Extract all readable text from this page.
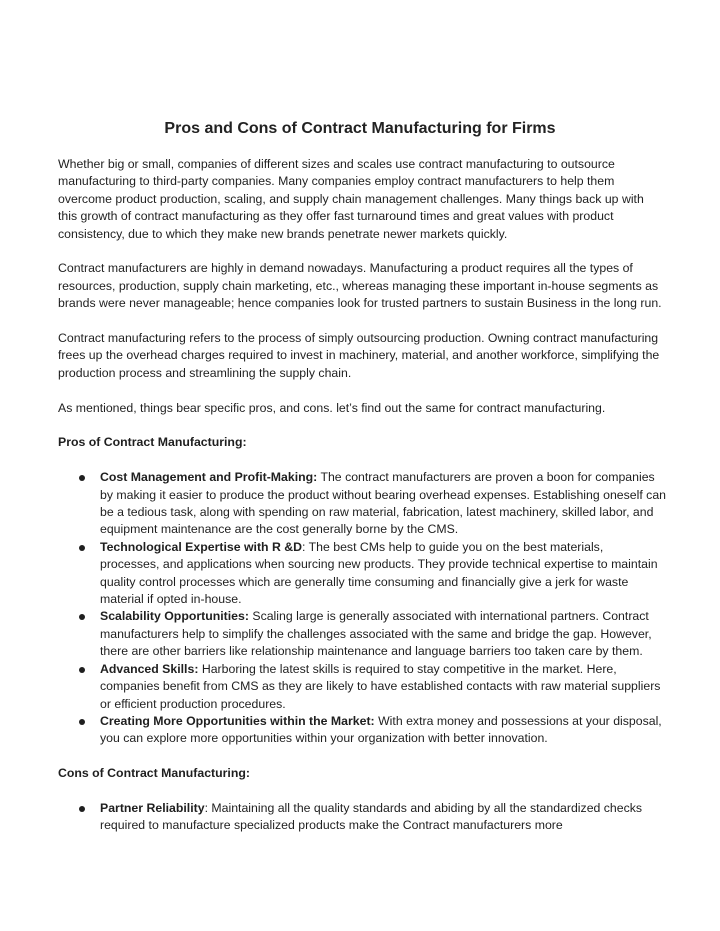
Pros and Cons of Contract Manufacturing for Firms

Whether big or small, companies of different sizes and scales use contract manufacturing to outsource manufacturing to third-party companies. Many companies employ contract manufacturers to help them overcome product production, scaling, and supply chain management challenges. Many things back up with this growth of contract manufacturing as they offer fast turnaround times and great values with product consistency, due to which they make new brands penetrate newer markets quickly.

Contract manufacturers are highly in demand nowadays. Manufacturing a product requires all the types of resources, production, supply chain marketing, etc., whereas managing these important in-house segments as brands were never manageable; hence companies look for trusted partners to sustain Business in the long run.

Contract manufacturing refers to the process of simply outsourcing production. Owning contract manufacturing frees up the overhead charges required to invest in machinery, material, and another workforce, simplifying the production process and streamlining the supply chain.

As mentioned, things bear specific pros, and cons. let’s find out the same for contract manufacturing.

Pros of Contract Manufacturing:
Cost Management and Profit-Making: The contract manufacturers are proven a boon for companies by making it easier to produce the product without bearing overhead expenses. Establishing oneself can be a tedious task, along with spending on raw material, fabrication, latest machinery, skilled labor, and equipment maintenance are the cost generally borne by the CMS.
Technological Expertise with R &D: The best CMs help to guide you on the best materials, processes, and applications when sourcing new products. They provide technical expertise to maintain quality control processes which are generally time consuming and financially give a jerk for waste material if opted in-house.
Scalability Opportunities: Scaling large is generally associated with international partners. Contract manufacturers help to simplify the challenges associated with the same and bridge the gap. However, there are other barriers like relationship maintenance and language barriers too taken care by them.
Advanced Skills: Harboring the latest skills is required to stay competitive in the market. Here, companies benefit from CMS as they are likely to have established contacts with raw material suppliers or efficient production procedures.
Creating More Opportunities within the Market: With extra money and possessions at your disposal, you can explore more opportunities within your organization with better innovation.
Cons of Contract Manufacturing:
Partner Reliability: Maintaining all the quality standards and abiding by all the standardized checks required to manufacture specialized products make the Contract manufacturers more
